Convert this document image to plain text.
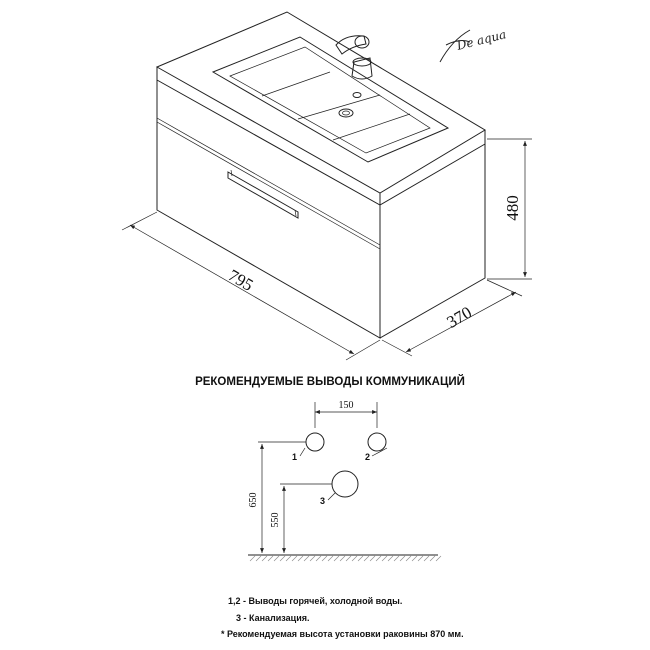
795
480
370
De aqua
РЕКОМЕНДУЕМЫЕ ВЫВОДЫ КОММУНИКАЦИЙ
150
1	2
3
650
550
1,2 - Выводы горячей, холодной воды.
3 - Канализация.
* Рекомендуемая высота установки раковины 870 мм.
